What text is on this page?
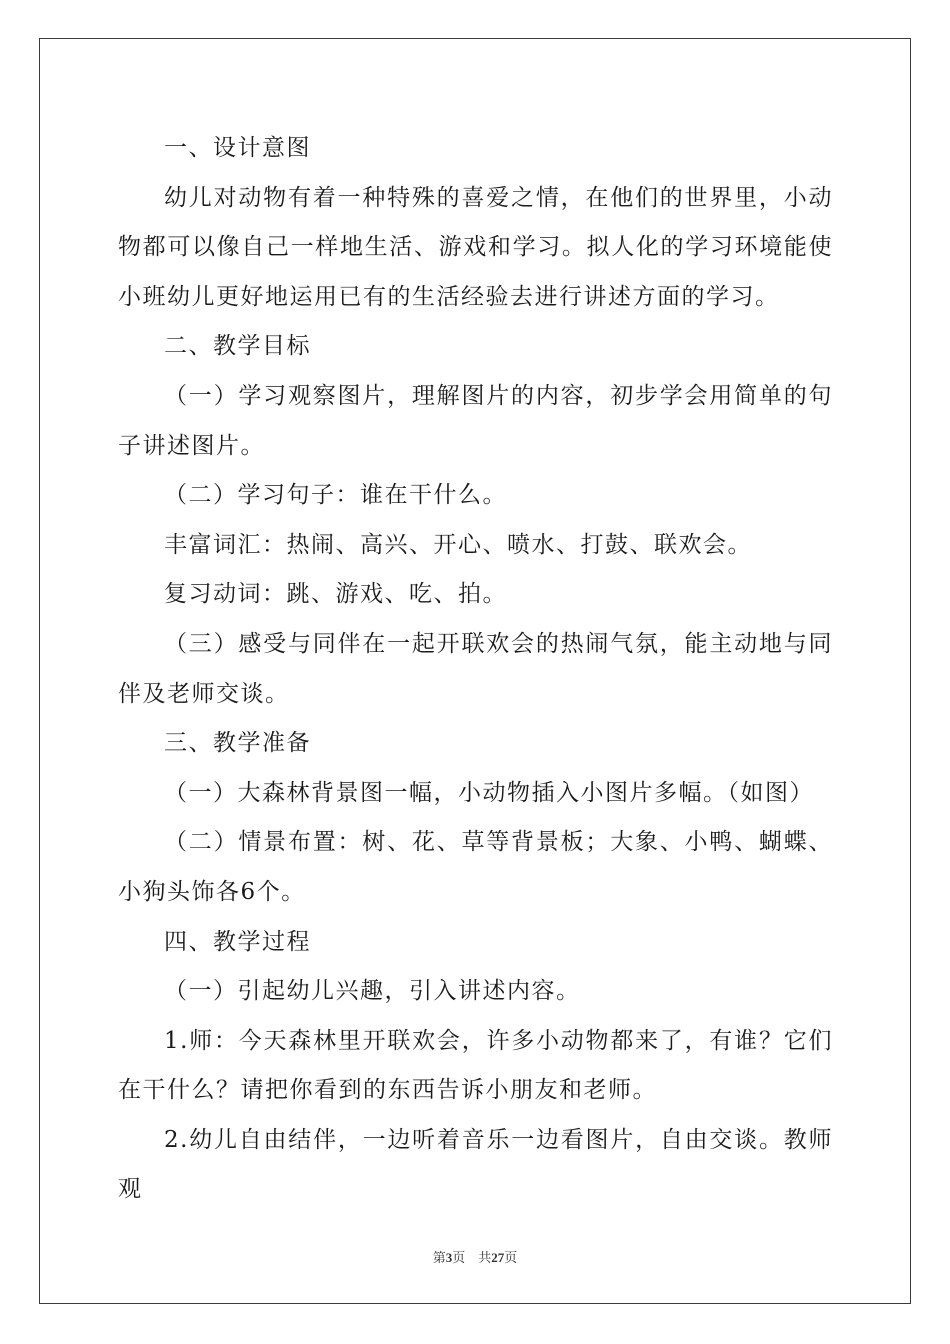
一、设计意图

幼儿对动物有着一种特殊的喜爱之情，在他们的世界里，小动物都可以像自己一样地生活、游戏和学习。拟人化的学习环境能使小班幼儿更好地运用已有的生活经验去进行讲述方面的学习。

二、教学目标

（一）学习观察图片，理解图片的内容，初步学会用简单的句子讲述图片。

（二）学习句子：谁在干什么。

丰富词汇：热闹、高兴、开心、喷水、打鼓、联欢会。

复习动词：跳、游戏、吃、拍。

（三）感受与同伴在一起开联欢会的热闹气氛，能主动地与同伴及老师交谈。

三、教学准备

（一）大森林背景图一幅，小动物插入小图片多幅。（如图）

（二）情景布置：树、花、草等背景板；大象、小鸭、蝴蝶、小狗头饰各6个。

四、教学过程

（一）引起幼儿兴趣，引入讲述内容。

1.师：今天森林里开联欢会，许多小动物都来了，有谁？它们在干什么？请把你看到的东西告诉小朋友和老师。

2.幼儿自由结伴，一边听着音乐一边看图片，自由交谈。教师观

第3页　共27页
